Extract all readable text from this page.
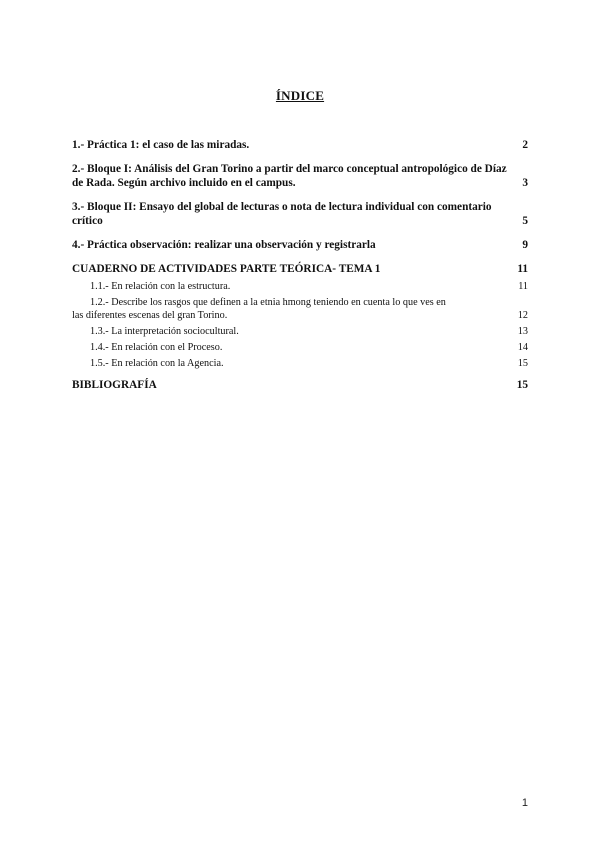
ÍNDICE
1.- Práctica 1: el caso de las miradas.	2
2.- Bloque I: Análisis del Gran Torino a partir del marco conceptual antropológico de Díaz de Rada. Según archivo incluido en el campus.	3
3.- Bloque II: Ensayo del global de lecturas o nota de lectura individual con comentario crítico	5
4.- Práctica observación: realizar una observación y registrarla	9
CUADERNO DE ACTIVIDADES PARTE TEÓRICA- TEMA 1	11
1.1.- En relación con la estructura.	11
1.2.- Describe los rasgos que definen a la etnia hmong teniendo en cuenta lo que ves en
las diferentes escenas del gran Torino.	12
1.3.- La interpretación sociocultural.	13
1.4.- En relación con el Proceso.	14
1.5.- En relación con la Agencia.	15
BIBLIOGRAFÍA	15
1
